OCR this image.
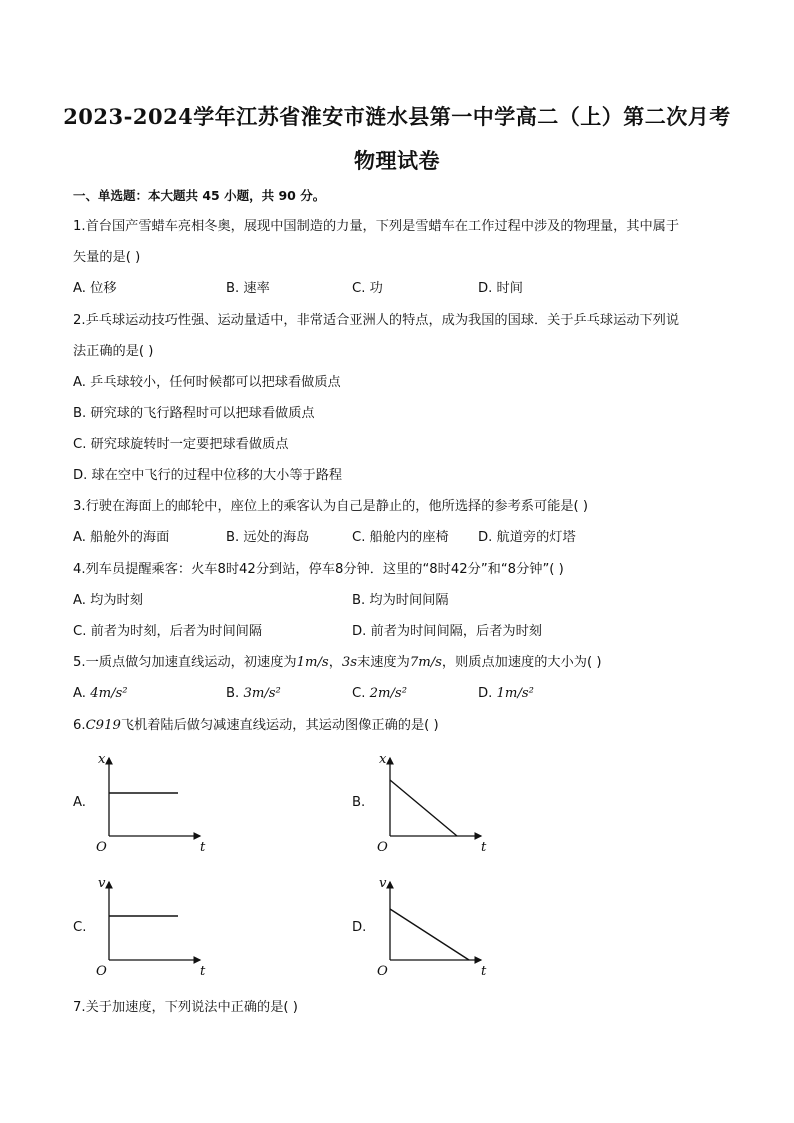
2023-2024学年江苏省淮安市涟水县第一中学高二（上）第二次月考
物理试卷
一、单选题：本大题共 45 小题，共 90 分。
1.首台国产雪蜡车亮相冬奥，展现中国制造的力量，下列是雪蜡车在工作过程中涉及的物理量，其中属于
矢量的是( )
A. 位移	B. 速率	C. 功	D. 时间
2.乒乓球运动技巧性强、运动量适中，非常适合亚洲人的特点，成为我国的国球．关于乒乓球运动下列说
法正确的是( )
A. 乒乓球较小，任何时候都可以把球看做质点
B. 研究球的飞行路程时可以把球看做质点
C. 研究球旋转时一定要把球看做质点
D. 球在空中飞行的过程中位移的大小等于路程
3.行驶在海面上的邮轮中，座位上的乘客认为自己是静止的，他所选择的参考系可能是( )
A. 船舱外的海面	B. 远处的海岛	C. 船舱内的座椅 D. 航道旁的灯塔
4.列车员提醒乘客：火车8时42分到站，停车8分钟．这里的“8时42分”和“8分钟”( )
A. 均为时刻	B. 均为时间间隔
C. 前者为时刻，后者为时间间隔	D. 前者为时间间隔，后者为时刻
5.一质点做匀加速直线运动，初速度为1m/s，3s末速度为7m/s，则质点加速度的大小为( )
A. 4m/s²	B. 3m/s²	C. 2m/s²	D. 1m/s²
6.C919飞机着陆后做匀减速直线运动，其运动图像正确的是( )
A.	B.
C.	D.
x
O	t
x
O	t
v
O	t
v
O	t
7.关于加速度，下列说法中正确的是( )
